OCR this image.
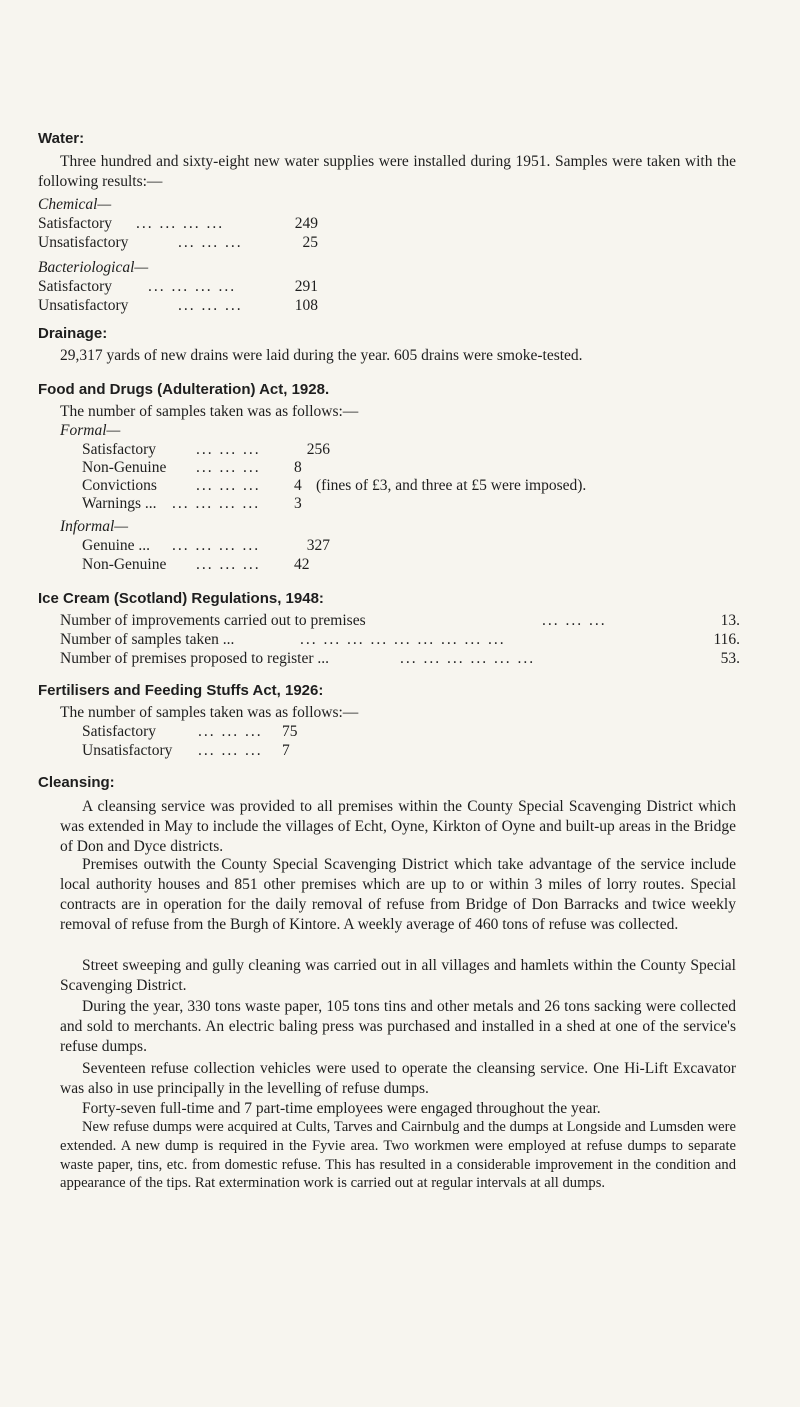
Water:
Three hundred and sixty-eight new water supplies were installed during 1951. Samples were taken with the following results:—
Chemical—
Satisfactory ... ... ... ...	249
Unsatisfactory	... ... ...	25
Bacteriological—
Satisfactory ... ... ... ...	291
Unsatisfactory	... ... ...	108
Drainage:
29,317 yards of new drains were laid during the year. 605 drains were smoke-tested.
Food and Drugs (Adulteration) Act, 1928.
The number of samples taken was as follows:—
Formal—
Satisfactory	... ... ...	256
Non-Genuine ... ... ...	8
Convictions	... ... ...	4 (fines of £3, and three at £5 were imposed).
Warnings ... ... ... ... ...	3
Informal—
Genuine ... ... ... ... ...	327
Non-Genuine ... ... ...	42
Ice Cream (Scotland) Regulations, 1948:
Number of improvements carried out to premises	... ... ...	13.
Number of samples taken ...	... ... ... ... ... ... ... ... ...	116.
Number of premises proposed to register ...	... ... ... ... ... ...	53.
Fertilisers and Feeding Stuffs Act, 1926:
The number of samples taken was as follows:—
Satisfactory	... ... ... 75
Unsatisfactory ... ... ...	7
Cleansing:
A cleansing service was provided to all premises within the County Special Scavenging District which was extended in May to include the villages of Echt, Oyne, Kirkton of Oyne and built-up areas in the Bridge of Don and Dyce districts.
Premises outwith the County Special Scavenging District which take advantage of the service include local authority houses and 851 other premises which are up to or within 3 miles of lorry routes. Special contracts are in operation for the daily removal of refuse from Bridge of Don Barracks and twice weekly removal of refuse from the Burgh of Kintore. A weekly average of 460 tons of refuse was collected.
Street sweeping and gully cleaning was carried out in all villages and hamlets within the County Special Scavenging District.
During the year, 330 tons waste paper, 105 tons tins and other metals and 26 tons sacking were collected and sold to merchants. An electric baling press was purchased and installed in a shed at one of the service's refuse dumps.
Seventeen refuse collection vehicles were used to operate the cleansing service. One Hi-Lift Excavator was also in use principally in the levelling of refuse dumps.
Forty-seven full-time and 7 part-time employees were engaged throughout the year.
New refuse dumps were acquired at Cults, Tarves and Cairnbulg and the dumps at Longside and Lumsden were extended. A new dump is required in the Fyvie area. Two workmen were employed at refuse dumps to separate waste paper, tins, etc. from domestic refuse. This has resulted in a considerable improvement in the condition and appearance of the tips. Rat extermination work is carried out at regular intervals at all dumps.
